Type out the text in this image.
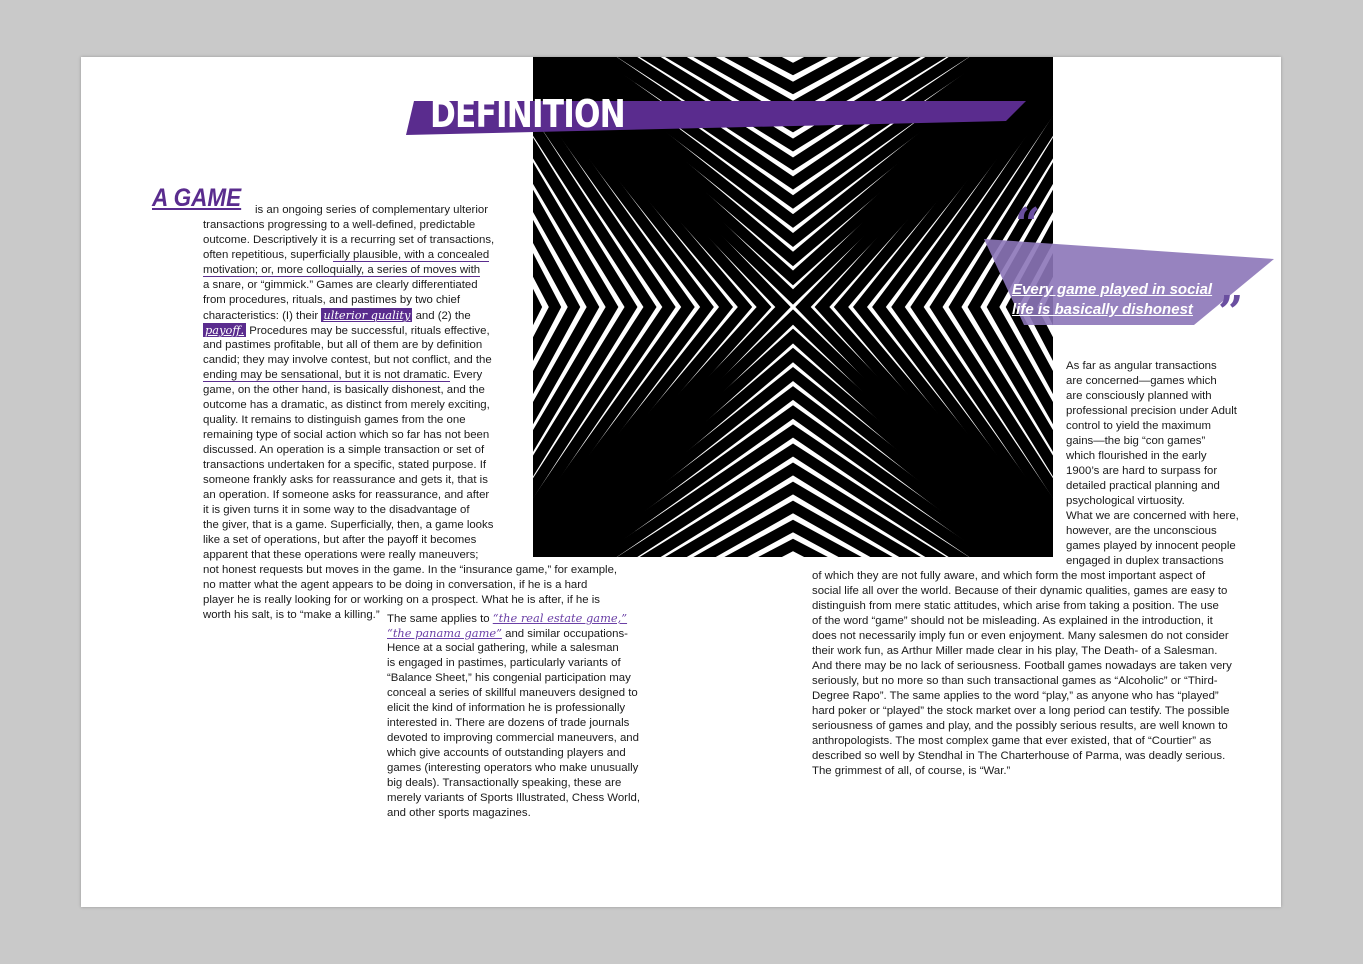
DEFINITION
“
Every game played in social life is basically dishonest ”
A GAME	is an ongoing series of complementary ulterior
transactions progressing to a well-defined, predictable
outcome. Descriptively it is a recurring set of transactions,
often repetitious, superficially plausible, with a concealed
motivation; or, more colloquially, a series of moves with
a snare, or “gimmick.” Games are clearly differentiated
from procedures, rituals, and pastimes by two chief
characteristics: (I) their ulterior quality and (2) the
payoff. Procedures may be successful, rituals effective,
and pastimes profitable, but all of them are by definition
candid; they may involve contest, but not conflict, and the
ending may be sensational, but it is not dramatic. Every
game, on the other hand, is basically dishonest, and the
outcome has a dramatic, as distinct from merely exciting,
quality. It remains to distinguish games from the one
remaining type of social action which so far has not been
discussed. An operation is a simple transaction or set of
transactions undertaken for a specific, stated purpose. If
someone frankly asks for reassurance and gets it, that is
an operation. If someone asks for reassurance, and after
it is given turns it in some way to the disadvantage of
the giver, that is a game. Superficially, then, a game looks
like a set of operations, but after the payoff it becomes
apparent that these operations were really maneuvers;
not honest requests but moves in the game. In the “insurance game,” for example,
no matter what the agent appears to be doing in conversation, if he is a hard
player he is really looking for or working on a prospect. What he is after, if he is
worth his salt, is to “make a killing.” The same applies to “the real estate game,”
“the panama game” and similar occupations-
Hence at a social gathering, while a salesman
is engaged in pastimes, particularly variants of
“Balance Sheet,” his congenial participation may
conceal a series of skillful maneuvers designed to
elicit the kind of information he is professionally
interested in. There are dozens of trade journals
devoted to improving commercial maneuvers, and
which give accounts of outstanding players and
games (interesting operators who make unusually
big deals). Transactionally speaking, these are
merely variants of Sports Illustrated, Chess World,
and other sports magazines.
As far as angular transactions
are concerned—games which
are consciously planned with
professional precision under Adult
control to yield the maximum
gains—the big “con games”
which flourished in the early
1900’s are hard to surpass for
detailed practical planning and
psychological virtuosity.
What we are concerned with here,
however, are the unconscious
games played by innocent people
engaged in duplex transactions
of which they are not fully aware, and which form the most important aspect of
social life all over the world. Because of their dynamic qualities, games are easy to
distinguish from mere static attitudes, which arise from taking a position. The use
of the word “game” should not be misleading. As explained in the introduction, it
does not necessarily imply fun or even enjoyment. Many salesmen do not consider
their work fun, as Arthur Miller made clear in his play, The Death- of a Salesman.
And there may be no lack of seriousness. Football games nowadays are taken very
seriously, but no more so than such transactional games as “Alcoholic” or “Third-
Degree Rapo”. The same applies to the word “play,” as anyone who has “played”
hard poker or “played” the stock market over a long period can testify. The possible
seriousness of games and play, and the possibly serious results, are well known to
anthropologists. The most complex game that ever existed, that of “Courtier” as
described so well by Stendhal in The Charterhouse of Parma, was deadly serious.
The grimmest of all, of course, is “War.”
